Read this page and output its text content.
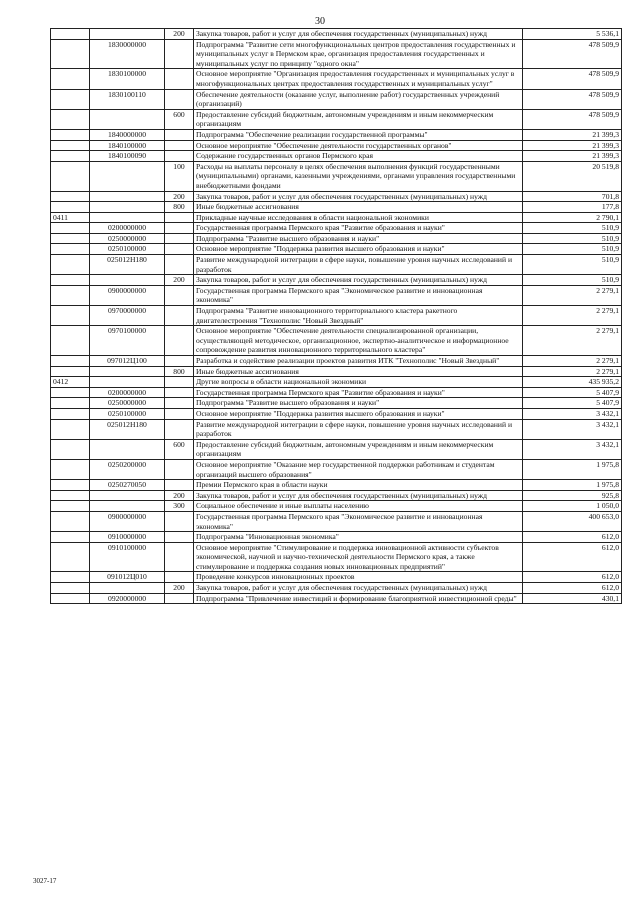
30
		200	Закупка товаров, работ и услуг для обеспечения государственных (муниципальных) нужд	5 536,1
	1830000000		Подпрограмма "Развитие сети многофункциональных центров предоставления государственных и муниципальных услуг в Пермском крае, организация предоставления государственных и муниципальных услуг по принципу "одного окна"	478 509,9
	1830100000		Основное мероприятие "Организация предоставления государственных и муниципальных услуг в многофункциональных центрах предоставления государственных и муниципальных услуг"	478 509,9
	1830100110		Обеспечение деятельности (оказание услуг, выполнение работ) государственных учреждений (организаций)	478 509,9
		600	Предоставление субсидий бюджетным, автономным учреждениям и иным некоммерческим организациям	478 509,9
	1840000000		Подпрограмма "Обеспечение реализации государственной программы"	21 399,3
	1840100000		Основное мероприятие "Обеспечение деятельности государственных органов"	21 399,3
	1840100090		Содержание государственных органов Пермского края	21 399,3
		100	Расходы на выплаты персоналу в целях обеспечения выполнения функций государственными (муниципальными) органами, казенными учреждениями, органами управления государственными внебюджетными фондами	20 519,8
		200	Закупка товаров, работ и услуг для обеспечения государственных (муниципальных) нужд	701,8
		800	Иные бюджетные ассигнования	177,8
0411			Прикладные научные исследования в области национальной экономики	2 790,1
	0200000000		Государственная программа Пермского края "Развитие образования и науки"	510,9
	0250000000		Подпрограмма "Развитие высшего образования и науки"	510,9
	0250100000		Основное мероприятие "Поддержка развития высшего образования и науки"	510,9
	025012Н180		Развитие международной интеграции в сфере науки, повышение уровня научных исследований и разработок	510,9
		200	Закупка товаров, работ и услуг для обеспечения государственных (муниципальных) нужд	510,9
	0900000000		Государственная программа Пермского края "Экономическое развитие и инновационная экономика"	2 279,1
	0970000000		Подпрограмма "Развитие инновационного территориального кластера ракетного двигателестроения "Технополис "Новый Звездный"	2 279,1
	0970100000		Основное мероприятие "Обеспечение деятельности специализированной организации, осуществляющей методическое, организационное, экспертно-аналитическое и информационное сопровождение развития инновационного территориального кластера"	2 279,1
	097012Ц100		Разработка и содействие реализации проектов развития ИТК "Технополис "Новый Звездный"	2 279,1
		800	Иные бюджетные ассигнования	2 279,1
0412			Другие вопросы в области национальной экономики	435 935,2
	0200000000		Государственная программа Пермского края "Развитие образования и науки"	5 407,9
	0250000000		Подпрограмма "Развитие высшего образования и науки"	5 407,9
	0250100000		Основное мероприятие "Поддержка развития высшего образования и науки"	3 432,1
	025012Н180		Развитие международной интеграции в сфере науки, повышение уровня научных исследований и разработок	3 432,1
		600	Предоставление субсидий бюджетным, автономным учреждениям и иным некоммерческим организациям	3 432,1
	0250200000		Основное мероприятие "Оказание мер государственной поддержки работникам и студентам организаций высшего образования"	1 975,8
	0250270050		Премии Пермского края в области науки	1 975,8
		200	Закупка товаров, работ и услуг для обеспечения государственных (муниципальных) нужд	925,8
		300	Социальное обеспечение и иные выплаты населению	1 050,0
	0900000000		Государственная программа Пермского края "Экономическое развитие и инновационная экономика"	400 653,0
	0910000000		Подпрограмма "Инновационная экономика"	612,0
	0910100000		Основное мероприятие "Стимулирование и поддержка инновационной активности субъектов экономической, научной и научно-технической деятельности Пермского края, а также стимулирование и поддержка создания новых инновационных предприятий"	612,0
	091012Ц010		Проведение конкурсов инновационных проектов	612,0
		200	Закупка товаров, работ и услуг для обеспечения государственных (муниципальных) нужд	612,0
	0920000000		Подпрограмма "Привлечение инвестиций и формирование благоприятной инвестиционной среды"	430,1
3027-17
